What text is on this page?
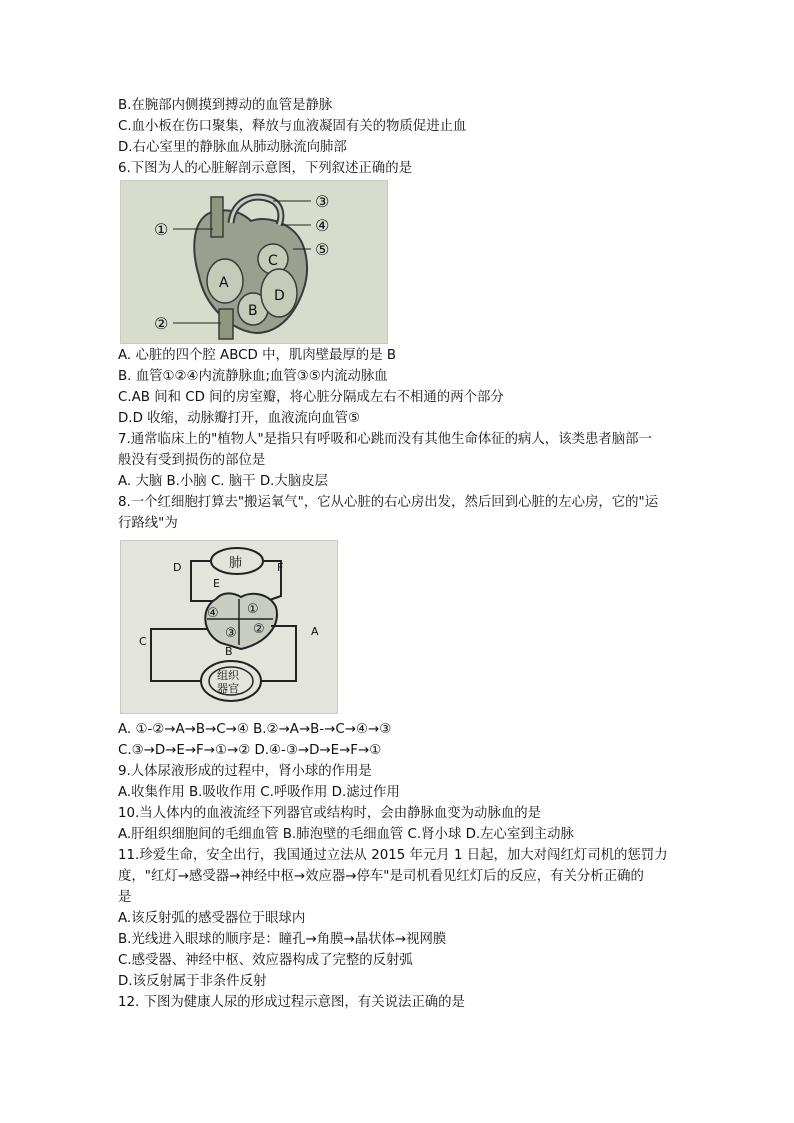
B.在腕部内侧摸到搏动的血管是静脉
C.血小板在伤口聚集，释放与血液凝固有关的物质促进止血
D.右心室里的静脉血从肺动脉流向肺部
6.下图为人的心脏解剖示意图，下列叙述正确的是
A
B
C
D
①
②
③
④
⑤
A. 心脏的四个腔 ABCD 中，肌肉壁最厚的是 B
B. 血管①②④内流静脉血;血管③⑤内流动脉血
C.AB 间和 CD 间的房室瓣，将心脏分隔成左右不相通的两个部分
D.D 收缩，动脉瓣打开，血液流向血管⑤
7.通常临床上的"植物人"是指只有呼吸和心跳而没有其他生命体征的病人，该类患者脑部一
般没有受到损伤的部位是
A. 大脑 B.小脑 C. 脑干 D.大脑皮层
8.一个红细胞打算去"搬运氧气"，它从心脏的右心房出发，然后回到心脏的左心房，它的"运
行路线"为
肺
①
②
③
④
组织
器官
D
E
F
C
A
B
A. ①-②→A→B→C→④ B.②→A→B-→C→④→③
C.③→D→E→F→①→② D.④-③→D→E→F→①
9.人体尿液形成的过程中，肾小球的作用是
A.收集作用 B.吸收作用 C.呼吸作用 D.滤过作用
10.当人体内的血液流经下列器官或结构时，会由静脉血变为动脉血的是
A.肝组织细胞间的毛细血管 B.肺泡壁的毛细血管 C.肾小球 D.左心室到主动脉
11.珍爱生命，安全出行，我国通过立法从 2015 年元月 1 日起，加大对闯红灯司机的惩罚力
度，"红灯→感受器→神经中枢→效应器→停车"是司机看见红灯后的反应，有关分析正确的
是
A.该反射弧的感受器位于眼球内
B.光线进入眼球的顺序是：瞳孔→角膜→晶状体→视网膜
C.感受器、神经中枢、效应器构成了完整的反射弧
D.该反射属于非条件反射
12. 下图为健康人尿的形成过程示意图，有关说法正确的是
